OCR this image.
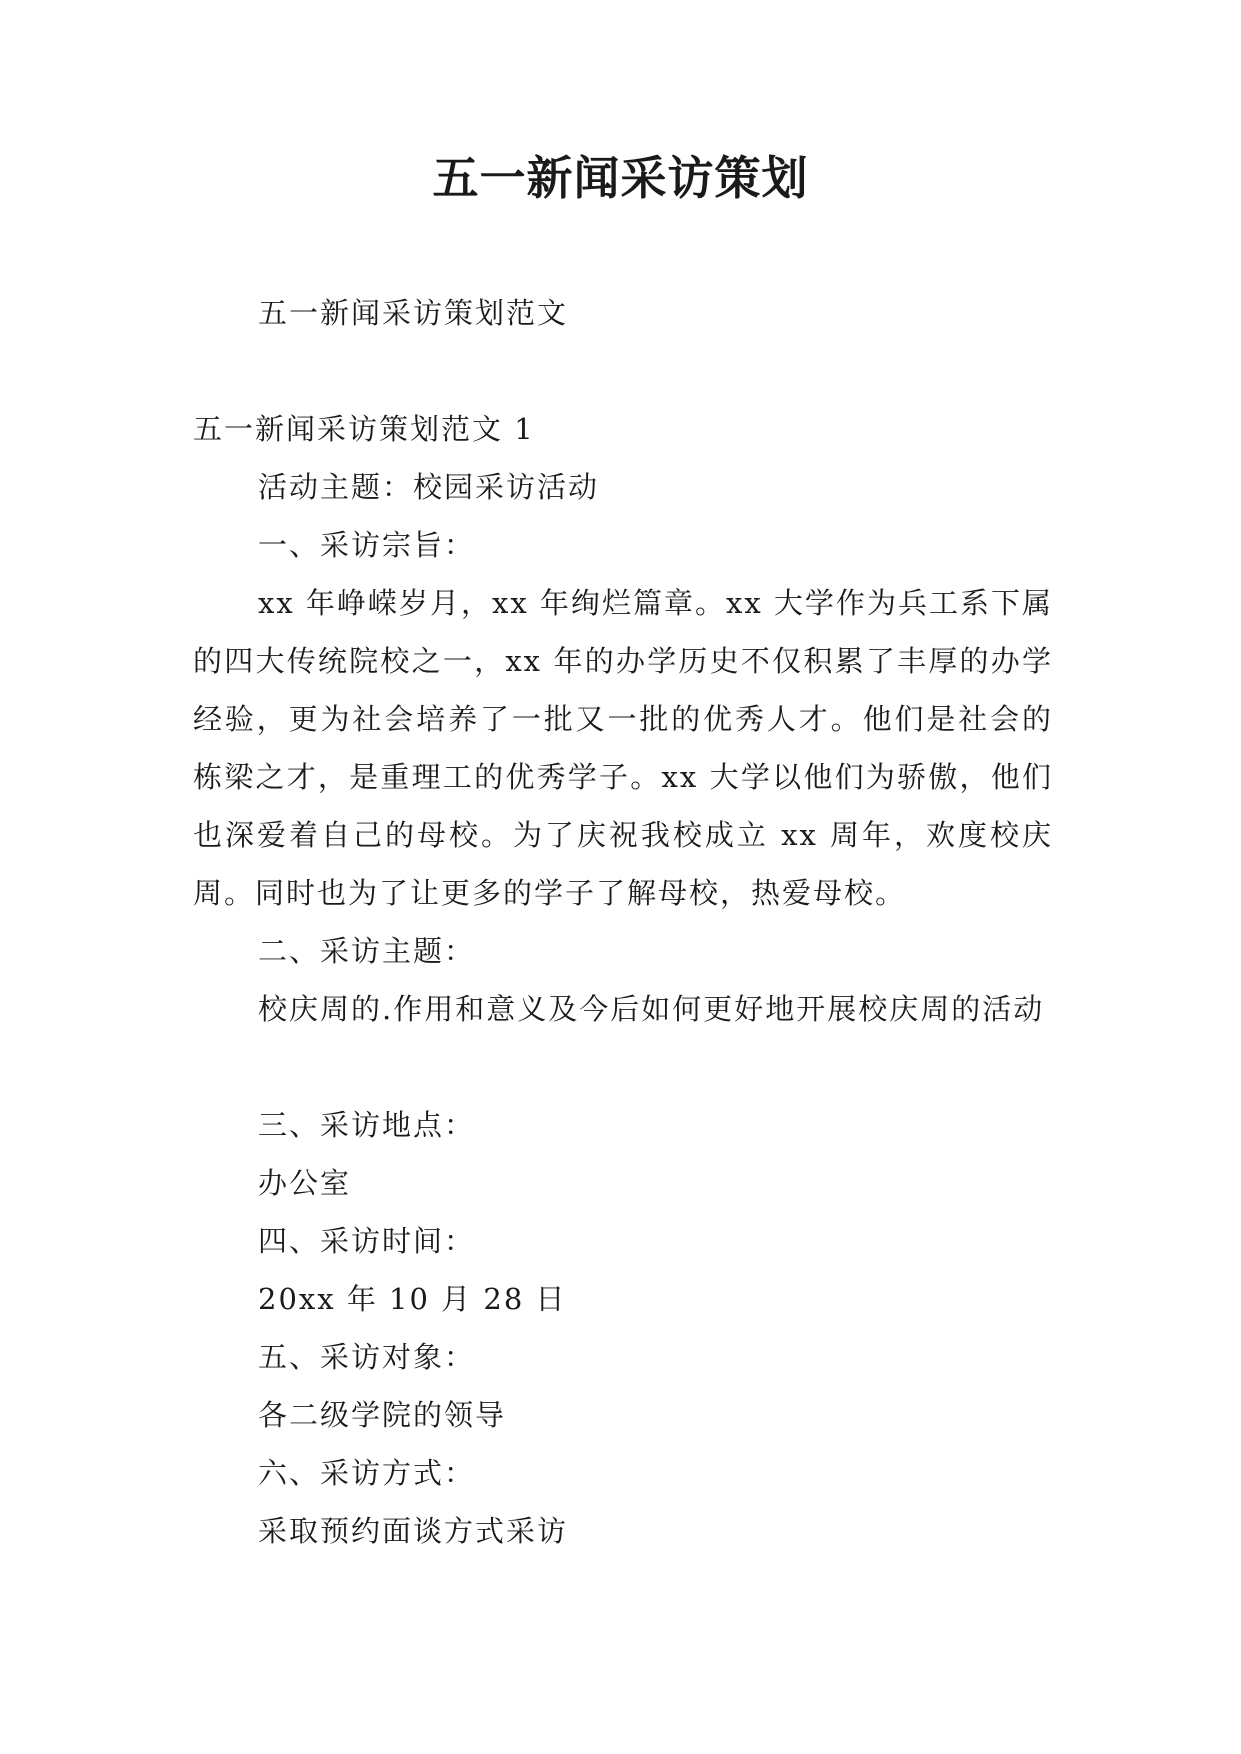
五一新闻采访策划

五一新闻采访策划范文

五一新闻采访策划范文 1

活动主题：校园采访活动

一、采访宗旨：

xx 年峥嵘岁月，xx 年绚烂篇章。xx 大学作为兵工系下属的四大传统院校之一，xx 年的办学历史不仅积累了丰厚的办学经验，更为社会培养了一批又一批的优秀人才。他们是社会的栋梁之才，是重理工的优秀学子。xx 大学以他们为骄傲，他们也深爱着自己的母校。为了庆祝我校成立 xx 周年，欢度校庆周。同时也为了让更多的学子了解母校，热爱母校。

二、采访主题：

校庆周的.作用和意义及今后如何更好地开展校庆周的活动

三、采访地点：

办公室

四、采访时间：

20xx 年 10 月 28 日

五、采访对象：

各二级学院的领导

六、采访方式：

采取预约面谈方式采访
